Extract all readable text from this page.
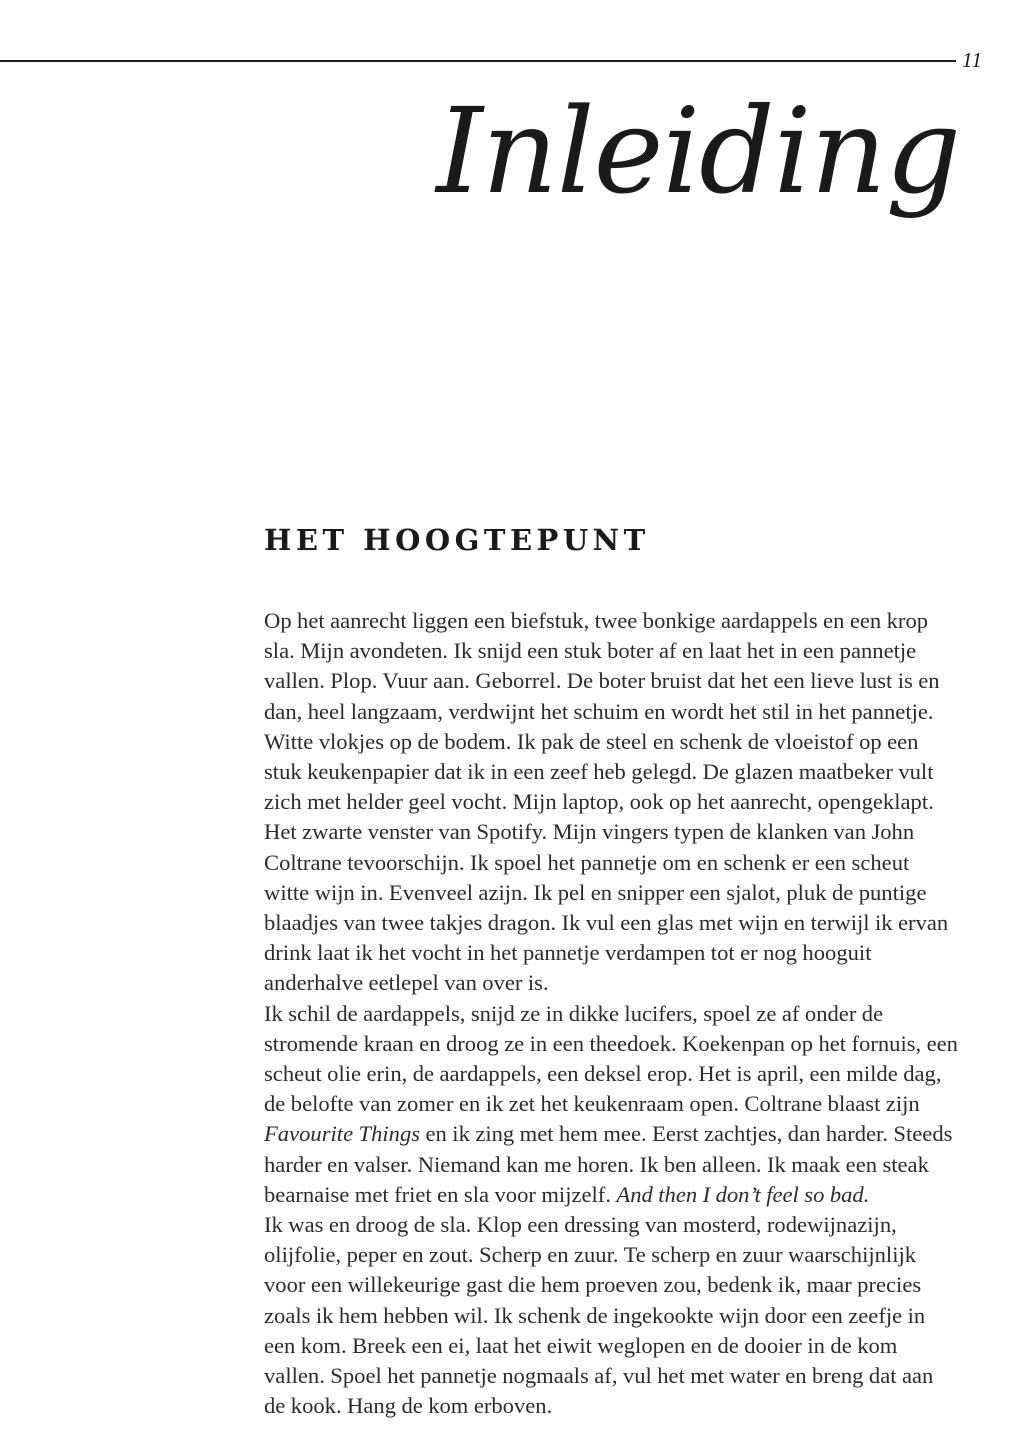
11
Inleiding
HET HOOGTEPUNT

Op het aanrecht liggen een biefstuk, twee bonkige aardappels en een krop sla. Mijn avondeten. Ik snijd een stuk boter af en laat het in een pannetje vallen. Plop. Vuur aan. Geborrel. De boter bruist dat het een lieve lust is en dan, heel langzaam, verdwijnt het schuim en wordt het stil in het pannetje. Witte vlokjes op de bodem. Ik pak de steel en schenk de vloeistof op een stuk keukenpapier dat ik in een zeef heb gelegd. De glazen maatbeker vult zich met helder geel vocht. Mijn laptop, ook op het aanrecht, opengeklapt. Het zwarte venster van Spotify. Mijn vingers typen de klanken van John Coltrane tevoorschijn. Ik spoel het pannetje om en schenk er een scheut witte wijn in. Evenveel azijn. Ik pel en snipper een sjalot, pluk de puntige blaadjes van twee takjes dragon. Ik vul een glas met wijn en terwijl ik ervan drink laat ik het vocht in het pannetje verdampen tot er nog hooguit anderhalve eetlepel van over is.

Ik schil de aardappels, snijd ze in dikke lucifers, spoel ze af onder de stromende kraan en droog ze in een theedoek. Koekenpan op het fornuis, een scheut olie erin, de aardappels, een deksel erop. Het is april, een milde dag, de belofte van zomer en ik zet het keukenraam open. Coltrane blaast zijn Favourite Things en ik zing met hem mee. Eerst zachtjes, dan harder. Steeds harder en valser. Niemand kan me horen. Ik ben alleen. Ik maak een steak bearnaise met friet en sla voor mijzelf. And then I don’t feel so bad.

Ik was en droog de sla. Klop een dressing van mosterd, rodewijnazijn, olijfolie, peper en zout. Scherp en zuur. Te scherp en zuur waarschijnlijk voor een willekeurige gast die hem proeven zou, bedenk ik, maar precies zoals ik hem hebben wil. Ik schenk de ingekookte wijn door een zeefje in een kom. Breek een ei, laat het eiwit weglopen en de dooier in de kom vallen. Spoel het pannetje nogmaals af, vul het met water en breng dat aan de kook. Hang de kom erboven.
